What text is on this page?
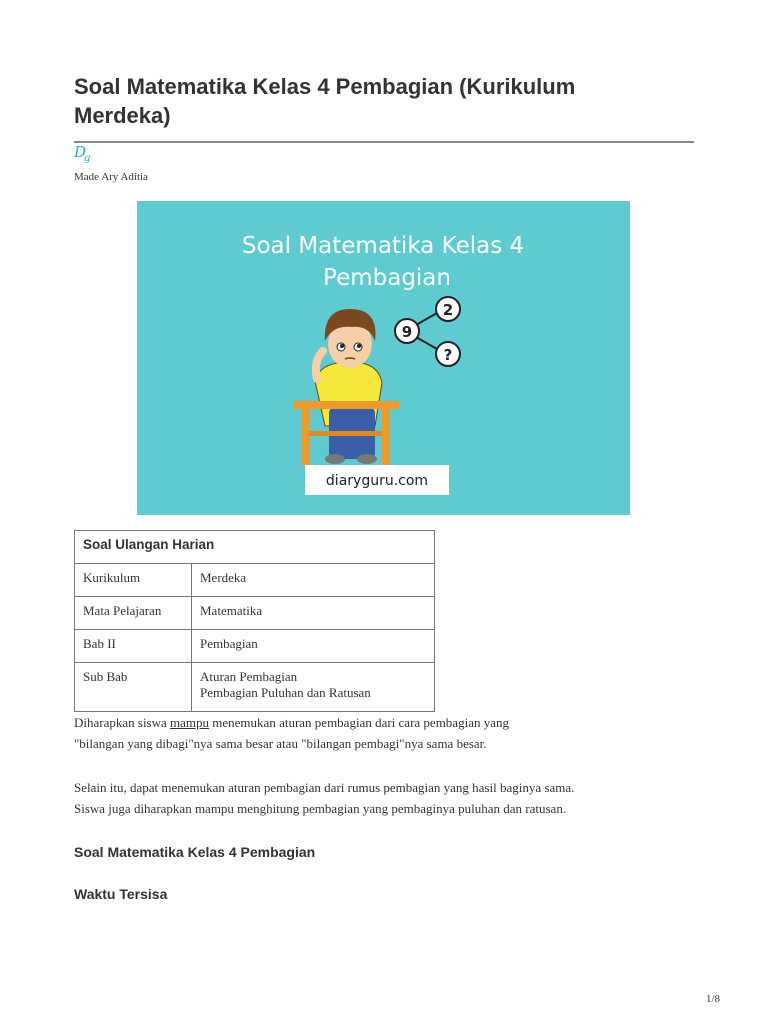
Soal Matematika Kelas 4 Pembagian (Kurikulum Merdeka)
$D_g$
Made Ary Aditia
Soal Matematika Kelas 4
Pembagian
9
2
?
diaryguru.com
Soal Ulangan Harian	
Kurikulum	Merdeka
Mata Pelajaran	Matematika
Bab II	Pembagian
Sub Bab	Aturan Pembagian
Pembagian Puluhan dan Ratusan
Diharapkan siswa mampu menemukan aturan pembagian dari cara pembagian yang
"bilangan yang dibagi"nya sama besar atau "bilangan pembagi"nya sama besar.
Selain itu, dapat menemukan aturan pembagian dari rumus pembagian yang hasil baginya sama.
Siswa juga diharapkan mampu menghitung pembagian yang pembaginya puluhan dan ratusan.
Soal Matematika Kelas 4 Pembagian
Waktu Tersisa
1/8
